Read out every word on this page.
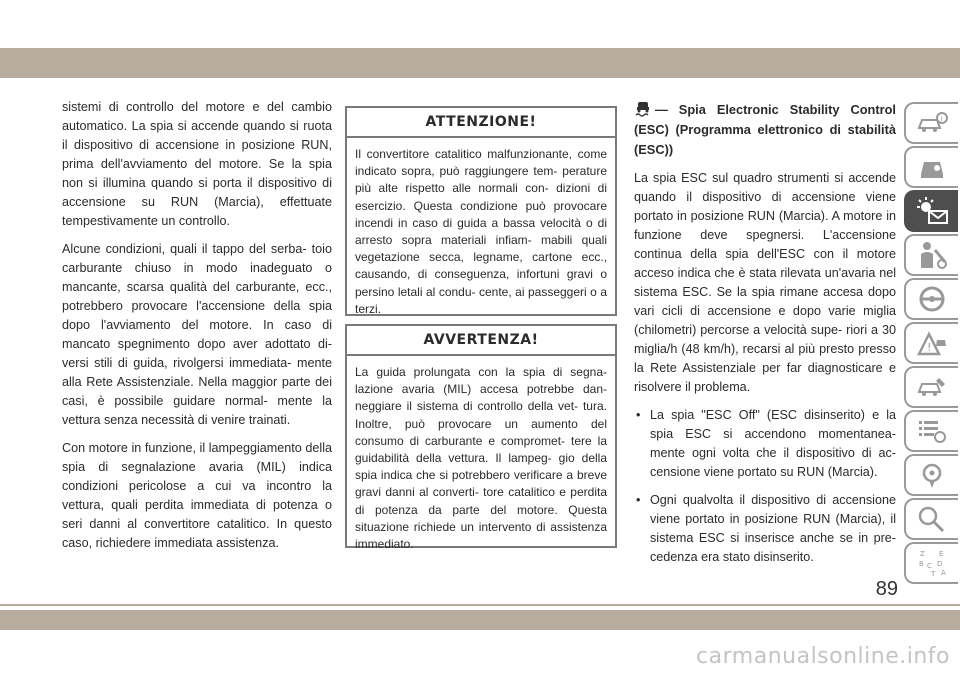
sistemi di controllo del motore e del cambio automatico. La spia si accende quando si ruota il dispositivo di accensione in posizione RUN, prima dell'avviamento del motore. Se la spia non si illumina quando si porta il dispositivo di accensione su RUN (Marcia), effettuate tempestivamente un controllo.

Alcune condizioni, quali il tappo del serba- toio carburante chiuso in modo inadeguato o mancante, scarsa qualità del carburante, ecc., potrebbero provocare l'accensione della spia dopo l'avviamento del motore. In caso di mancato spegnimento dopo aver adottato di- versi stili di guida, rivolgersi immediata- mente alla Rete Assistenziale. Nella maggior parte dei casi, è possibile guidare normal- mente la vettura senza necessità di venire trainati.

Con motore in funzione, il lampeggiamento della spia di segnalazione avaria (MIL) indica condizioni pericolose a cui va incontro la vettura, quali perdita immediata di potenza o seri danni al convertitore catalitico. In questo caso, richiedere immediata assistenza.

ATTENZIONE!
Il convertitore catalitico malfunzionante, come indicato sopra, può raggiungere tem- perature più alte rispetto alle normali con- dizioni di esercizio. Questa condizione può provocare incendi in caso di guida a bassa velocità o di arresto sopra materiali infiam- mabili quali vegetazione secca, legname, cartone ecc., causando, di conseguenza, infortuni gravi o persino letali al condu- cente, ai passeggeri o a terzi.
AVVERTENZA!
La guida prolungata con la spia di segna- lazione avaria (MIL) accesa potrebbe dan- neggiare il sistema di controllo della vet- tura. Inoltre, può provocare un aumento del consumo di carburante e compromet- tere la guidabilità della vettura. Il lampeg- gio della spia indica che si potrebbero verificare a breve gravi danni al converti- tore catalitico e perdita di potenza da parte del motore. Questa situazione richiede un intervento di assistenza immediato.
— Spia Electronic Stability Control (ESC) (Programma elettronico di stabilità (ESC))

La spia ESC sul quadro strumenti si accende quando il dispositivo di accensione viene portato in posizione RUN (Marcia). A motore in funzione deve spegnersi. L'accensione continua della spia dell'ESC con il motore acceso indica che è stata rilevata un'avaria nel sistema ESC. Se la spia rimane accesa dopo vari cicli di accensione e dopo varie miglia (chilometri) percorse a velocità supe- riori a 30 miglia/h (48 km/h), recarsi al più presto presso la Rete Assistenziale per far diagnosticare e risolvere il problema.

• La spia "ESC Off" (ESC disinserito) e la spia ESC si accendono momentanea- mente ogni volta che il dispositivo di ac- censione viene portato su RUN (Marcia).
• Ogni qualvolta il dispositivo di accensione viene portato in posizione RUN (Marcia), il sistema ESC si inserisce anche se in pre- cedenza era stato disinserito.
i
!
Z E
B C D
T A
89
carmanualsonline.info
